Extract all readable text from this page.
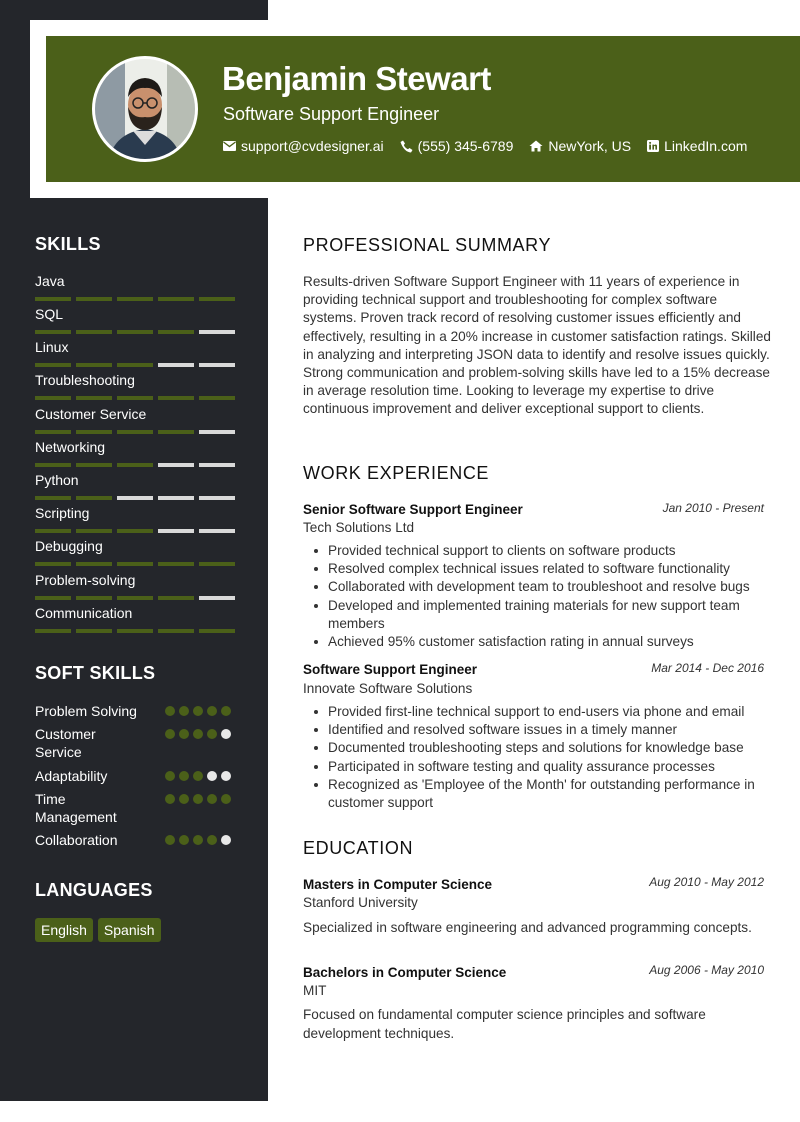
Benjamin Stewart
Software Support Engineer
support@cvdesigner.ai (555) 345-6789	NewYork, US LinkedIn.com
SKILLS
Java
SQL
Linux
Troubleshooting
Customer Service
Networking
Python
Scripting
Debugging
Problem-solving
Communication
SOFT SKILLS
Problem Solving
Customer Service
Adaptability
Time Management
Collaboration
LANGUAGES
English	Spanish
PROFESSIONAL SUMMARY
Results-driven Software Support Engineer with 11 years of experience in providing technical support and troubleshooting for complex software systems. Proven track record of resolving customer issues efficiently and effectively, resulting in a 20% increase in customer satisfaction ratings. Skilled in analyzing and interpreting JSON data to identify and resolve issues quickly. Strong communication and problem-solving skills have led to a 15% decrease in average resolution time. Looking to leverage my expertise to drive continuous improvement and deliver exceptional support to clients.
WORK EXPERIENCE
Senior Software Support Engineer	Jan 2010 - Present
Tech Solutions Ltd
Provided technical support to clients on software products
Resolved complex technical issues related to software functionality
Collaborated with development team to troubleshoot and resolve bugs
Developed and implemented training materials for new support team members
Achieved 95% customer satisfaction rating in annual surveys
Software Support Engineer	Mar 2014 - Dec 2016
Innovate Software Solutions
Provided first-line technical support to end-users via phone and email
Identified and resolved software issues in a timely manner
Documented troubleshooting steps and solutions for knowledge base
Participated in software testing and quality assurance processes
Recognized as 'Employee of the Month' for outstanding performance in customer support
EDUCATION
Masters in Computer Science	Aug 2010 - May 2012
Stanford University
Specialized in software engineering and advanced programming concepts.
Bachelors in Computer Science	Aug 2006 - May 2010
MIT
Focused on fundamental computer science principles and software development techniques.
